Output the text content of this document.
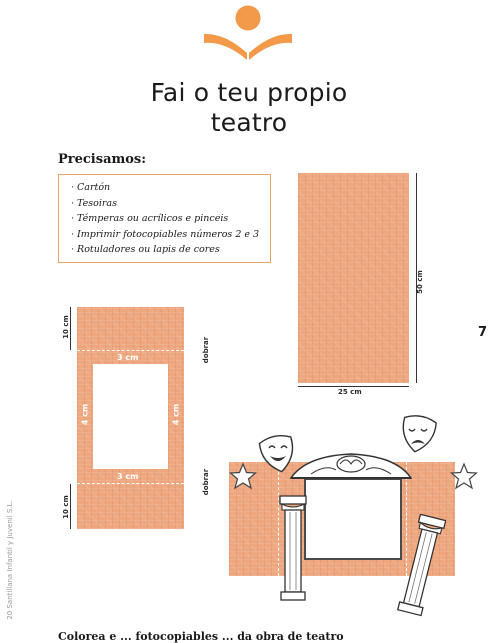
Fai o teu propio
teatro
Precisamos:
· Cartón
· Tesoiras
· Témperas ou acrílicos e pinceis
· Imprimir fotocopiables números 2 e 3
· Rotuladores ou lapis de cores
50 cm
25 cm
7
10 cm
10 cm
dobrar
dobrar
3 cm
3 cm
4 cm	4 cm
20 Santillana Infantil y Juvenil S.L.
Colorea e ... fotocopiables ... da obra de teatro
